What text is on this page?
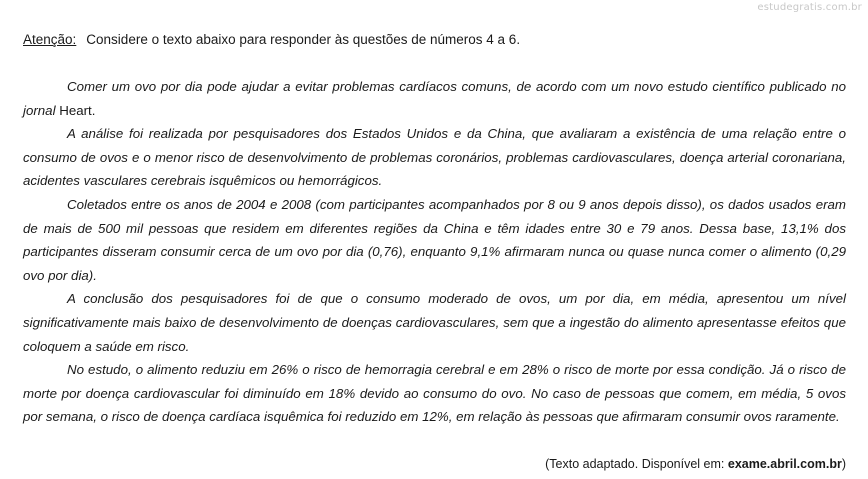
estudegratis.com.br
Atenção: Considere o texto abaixo para responder às questões de números 4 a 6.

Comer um ovo por dia pode ajudar a evitar problemas cardíacos comuns, de acordo com um novo estudo científico publicado no jornal Heart.

A análise foi realizada por pesquisadores dos Estados Unidos e da China, que avaliaram a existência de uma relação entre o consumo de ovos e o menor risco de desenvolvimento de problemas coronários, problemas cardiovasculares, doença arterial coronariana, acidentes vasculares cerebrais isquêmicos ou hemorrágicos.

Coletados entre os anos de 2004 e 2008 (com participantes acompanhados por 8 ou 9 anos depois disso), os dados usados eram de mais de 500 mil pessoas que residem em diferentes regiões da China e têm idades entre 30 e 79 anos. Dessa base, 13,1% dos participantes disseram consumir cerca de um ovo por dia (0,76), enquanto 9,1% afirmaram nunca ou quase nunca comer o alimento (0,29 ovo por dia).

A conclusão dos pesquisadores foi de que o consumo moderado de ovos, um por dia, em média, apresentou um nível significativamente mais baixo de desenvolvimento de doenças cardiovasculares, sem que a ingestão do alimento apresentasse efeitos que coloquem a saúde em risco.

No estudo, o alimento reduziu em 26% o risco de hemorragia cerebral e em 28% o risco de morte por essa condição. Já o risco de morte por doença cardiovascular foi diminuído em 18% devido ao consumo do ovo. No caso de pessoas que comem, em média, 5 ovos por semana, o risco de doença cardíaca isquêmica foi reduzido em 12%, em relação às pessoas que afirmaram consumir ovos raramente.

(Texto adaptado. Disponível em: exame.abril.com.br)
